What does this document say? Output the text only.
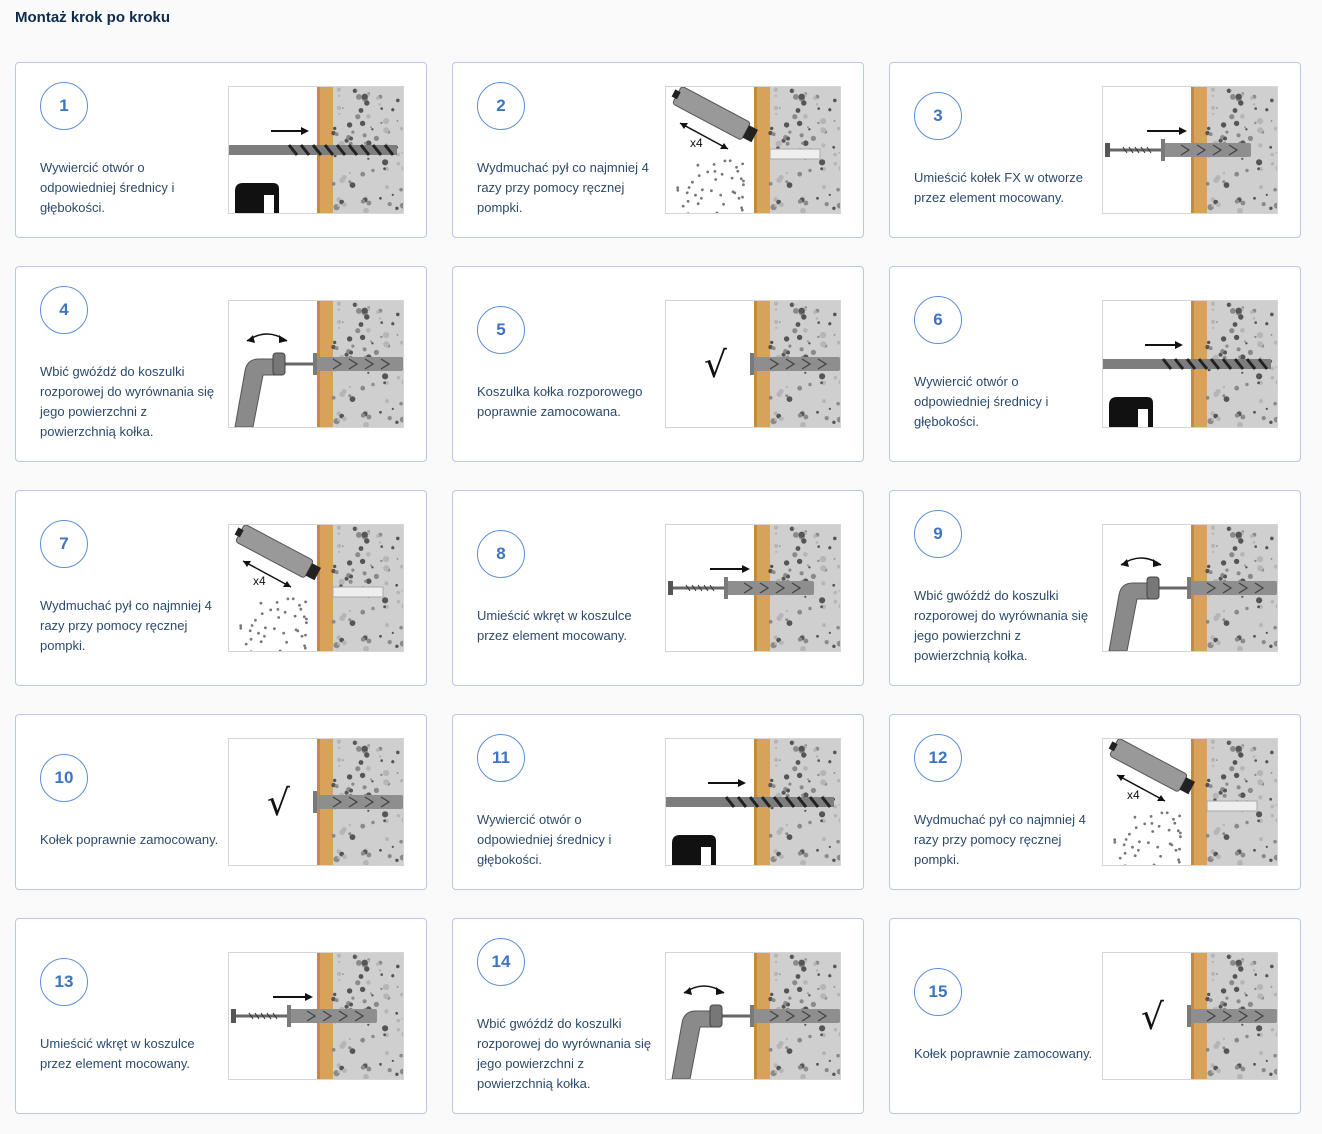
Montaż krok po kroku
1
Wywiercić otwór o odpowiedniej średnicy i głębokości.
2
Wydmuchać pył co najmniej 4 razy przy pomocy ręcznej pompki.
x4
3
Umieścić kołek FX w otworze przez element mocowany.
4
Wbić gwóźdź do koszulki rozporowej do wyrównania się jego powierzchni z powierzchnią kołka.
5
Koszulka kołka rozporowego poprawnie zamocowana.
√
6
Wywiercić otwór o odpowiedniej średnicy i głębokości.
7
Wydmuchać pył co najmniej 4 razy przy pomocy ręcznej pompki.
x4
8
Umieścić wkręt w koszulce przez element mocowany.
9
Wbić gwóźdź do koszulki rozporowej do wyrównania się jego powierzchni z powierzchnią kołka.
10
Kołek poprawnie zamocowany.
√
11
Wywiercić otwór o odpowiedniej średnicy i głębokości.
12
Wydmuchać pył co najmniej 4 razy przy pomocy ręcznej pompki.
x4
13
Umieścić wkręt w koszulce przez element mocowany.
14
Wbić gwóźdź do koszulki rozporowej do wyrównania się jego powierzchni z powierzchnią kołka.
15
Kołek poprawnie zamocowany.
√
